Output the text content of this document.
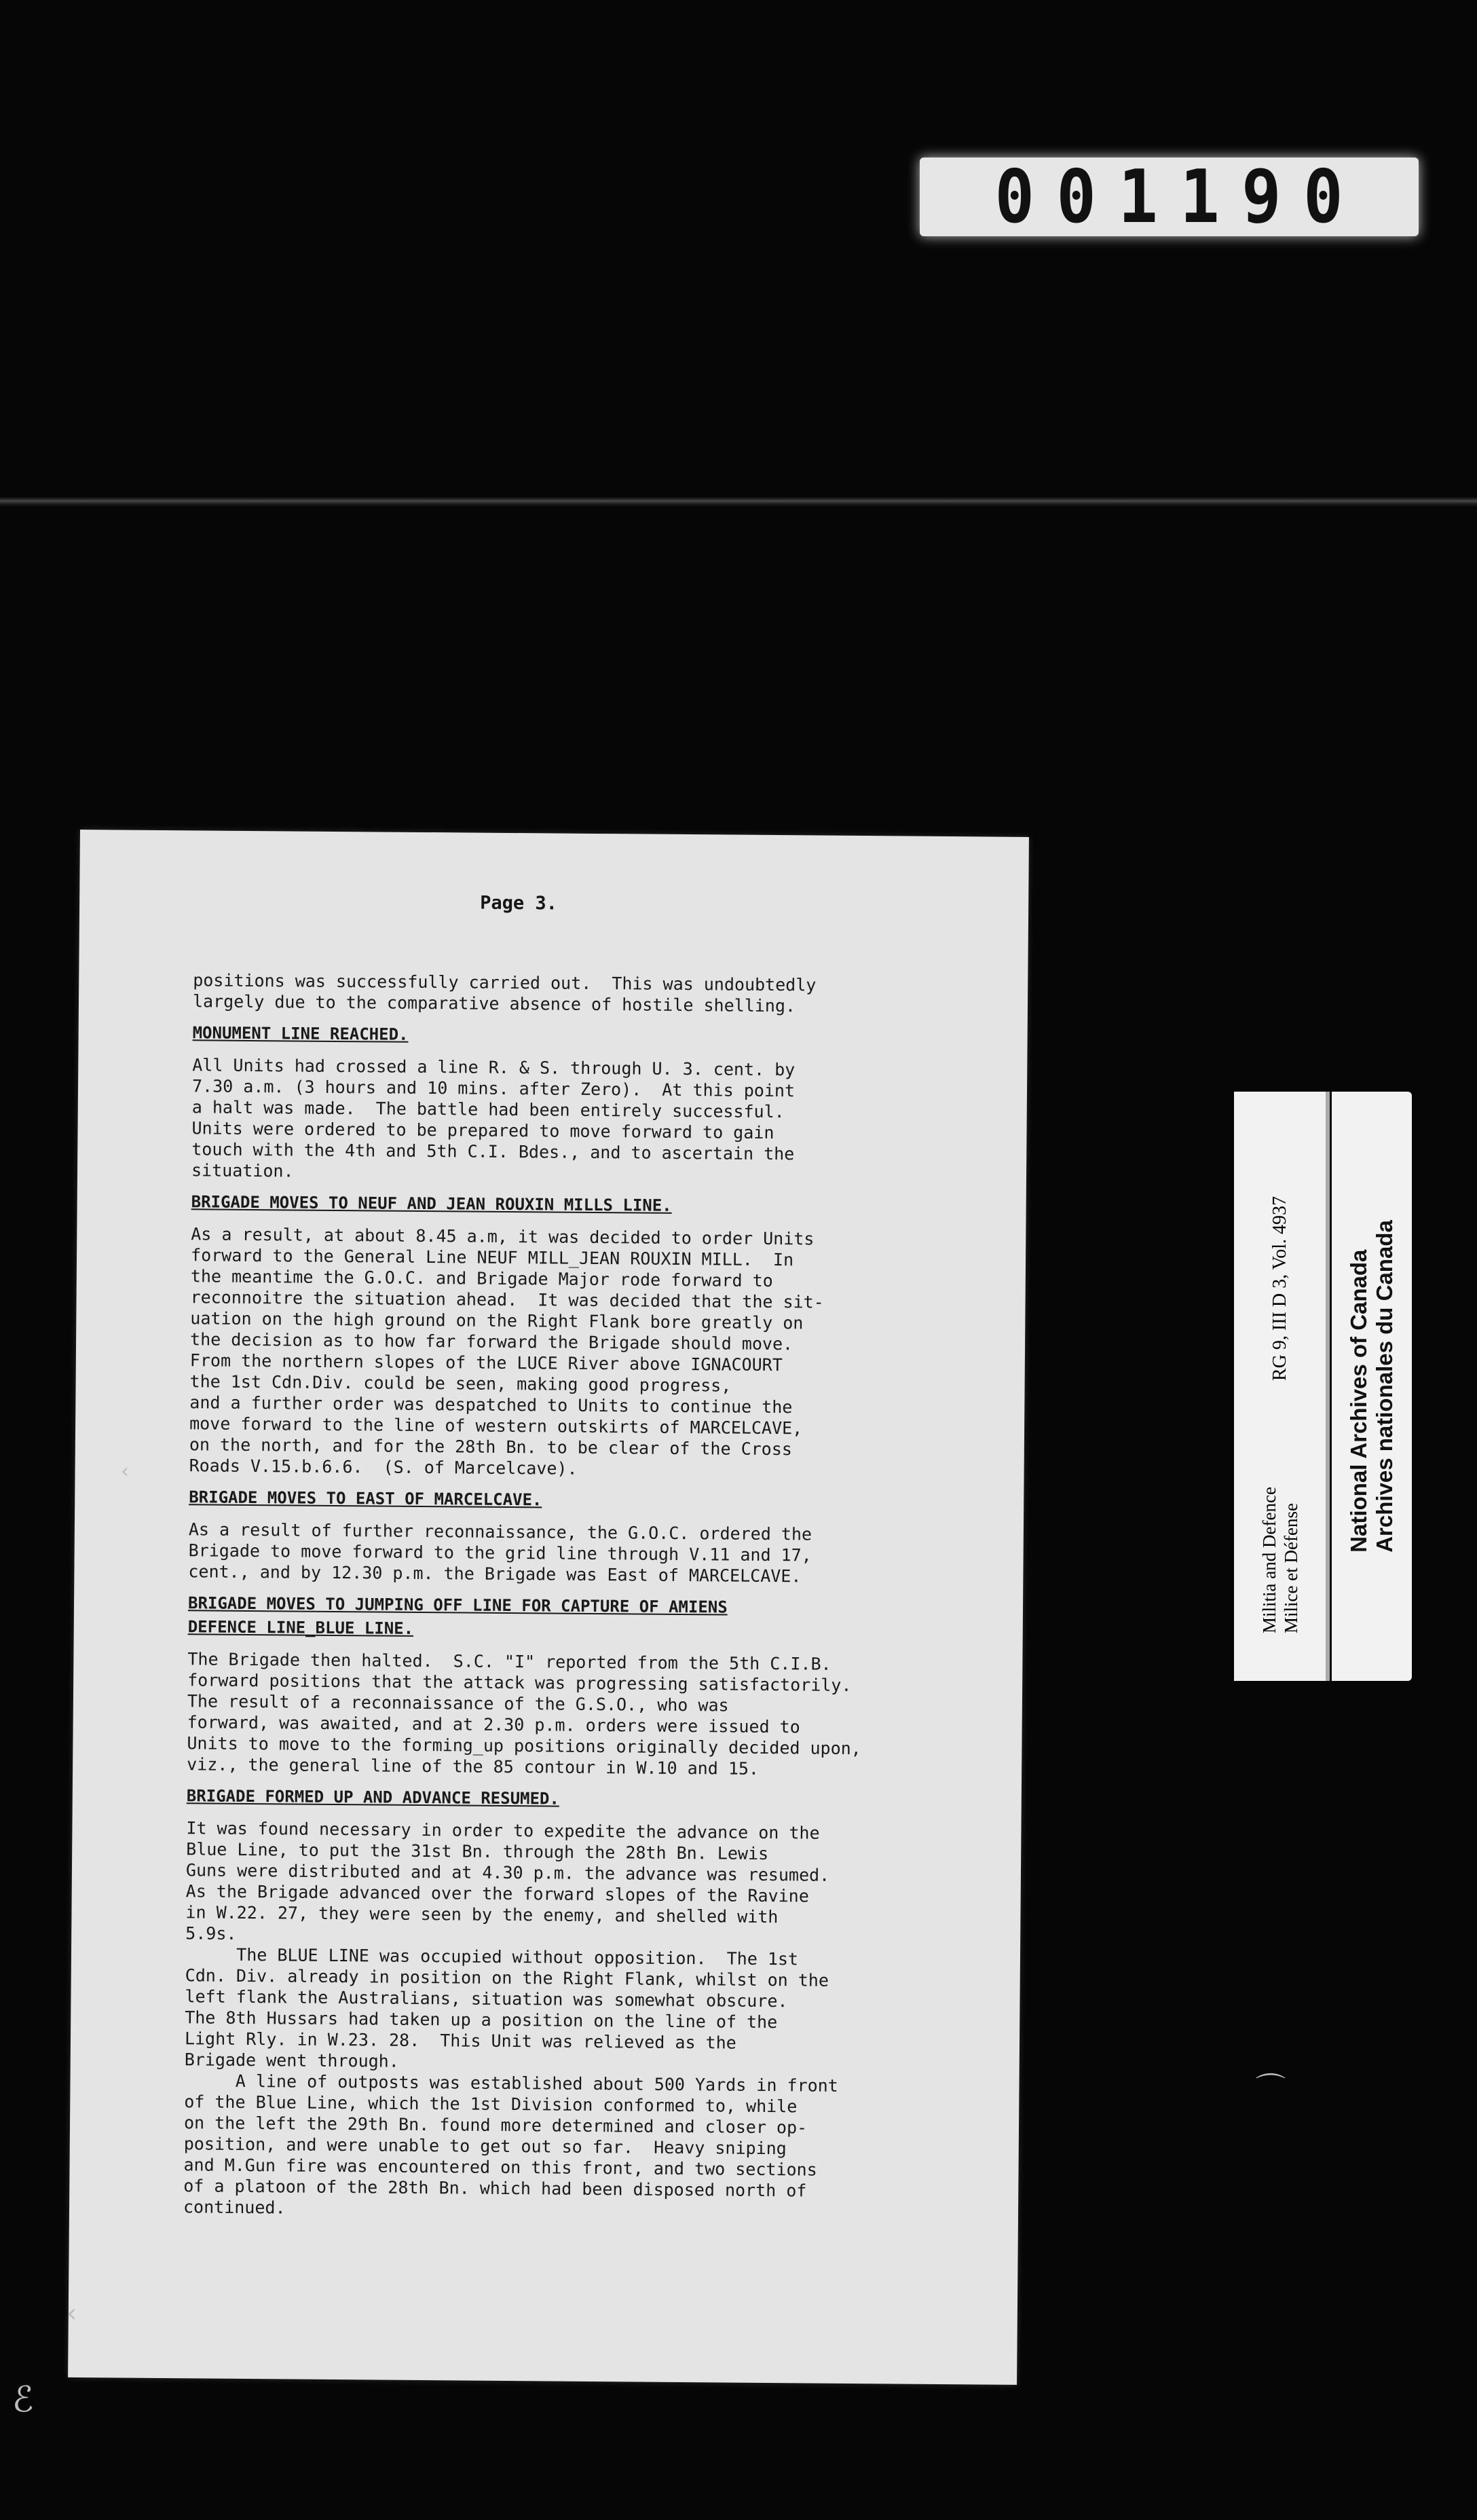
001190
RG 9, III D 3, Vol. 4937
Militia and Defence Milice et Défense
National Archives of Canada Archives nationales du Canada
Page 3.
positions was successfully carried out.  This was undoubtedly
largely due to the comparative absence of hostile shelling.
MONUMENT LINE REACHED.
All Units had crossed a line R. & S. through U. 3. cent. by
7.30 a.m. (3 hours and 10 mins. after Zero).  At this point
a halt was made.  The battle had been entirely successful.
Units were ordered to be prepared to move forward to gain
touch with the 4th and 5th C.I. Bdes., and to ascertain the
situation.
BRIGADE MOVES TO NEUF AND JEAN ROUXIN MILLS LINE.
As a result, at about 8.45 a.m, it was decided to order Units
forward to the General Line NEUF MILL_JEAN ROUXIN MILL.  In
the meantime the G.O.C. and Brigade Major rode forward to
reconnoitre the situation ahead.  It was decided that the sit-
uation on the high ground on the Right Flank bore greatly on
the decision as to how far forward the Brigade should move.
From the northern slopes of the LUCE River above IGNACOURT
the 1st Cdn.Div. could be seen, making good progress,
and a further order was despatched to Units to continue the
move forward to the line of western outskirts of MARCELCAVE,
on the north, and for the 28th Bn. to be clear of the Cross
Roads V.15.b.6.6.  (S. of Marcelcave).
BRIGADE MOVES TO EAST OF MARCELCAVE.
As a result of further reconnaissance, the G.O.C. ordered the
Brigade to move forward to the grid line through V.11 and 17,
cent., and by 12.30 p.m. the Brigade was East of MARCELCAVE.
BRIGADE MOVES TO JUMPING OFF LINE FOR CAPTURE OF AMIENS
DEFENCE LINE_BLUE LINE.
The Brigade then halted.  S.C. "I" reported from the 5th C.I.B.
forward positions that the attack was progressing satisfactorily.
The result of a reconnaissance of the G.S.O., who was
forward, was awaited, and at 2.30 p.m. orders were issued to
Units to move to the forming_up positions originally decided upon,
viz., the general line of the 85 contour in W.10 and 15.
BRIGADE FORMED UP AND ADVANCE RESUMED.
It was found necessary in order to expedite the advance on the
Blue Line, to put the 31st Bn. through the 28th Bn. Lewis
Guns were distributed and at 4.30 p.m. the advance was resumed.
As the Brigade advanced over the forward slopes of the Ravine
in W.22. 27, they were seen by the enemy, and shelled with
5.9s.
The BLUE LINE was occupied without opposition.  The 1st
Cdn. Div. already in position on the Right Flank, whilst on the
left flank the Australians, situation was somewhat obscure.
The 8th Hussars had taken up a position on the line of the
Light Rly. in W.23. 28.  This Unit was relieved as the
Brigade went through.
A line of outposts was established about 500 Yards in front
of the Blue Line, which the 1st Division conformed to, while
on the left the 29th Bn. found more determined and closer op-
position, and were unable to get out so far.  Heavy sniping
and M.Gun fire was encountered on this front, and two sections
of a platoon of the 28th Bn. which had been disposed north of
continued.
‹
‹
⌒
ℰ
